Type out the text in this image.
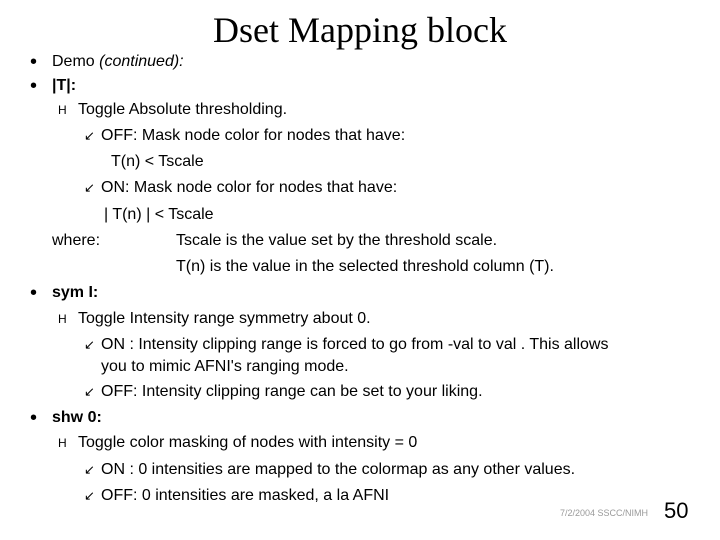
Dset Mapping block
• Demo (continued):
• |T|:
H Toggle Absolute thresholding.
↙ OFF: Mask node color for nodes that have:
T(n) < Tscale
↙ ON: Mask node color for nodes that have:
| T(n) | < Tscale
where:	Tscale is the value set by the threshold scale.
T(n) is the value in the selected threshold column (T).
• sym I:
H Toggle Intensity range symmetry about 0.
↙ ON : Intensity clipping range is forced to go from -val to val . This allows
you to mimic AFNI's ranging mode.
↙ OFF: Intensity clipping range can be set to your liking.
• shw 0:
H Toggle color masking of nodes with intensity = 0
↙ ON : 0 intensities are mapped to the colormap as any other values.
↙ OFF: 0 intensities are masked, a la AFNI
7/2/2004 SSCC/NIMH 50
